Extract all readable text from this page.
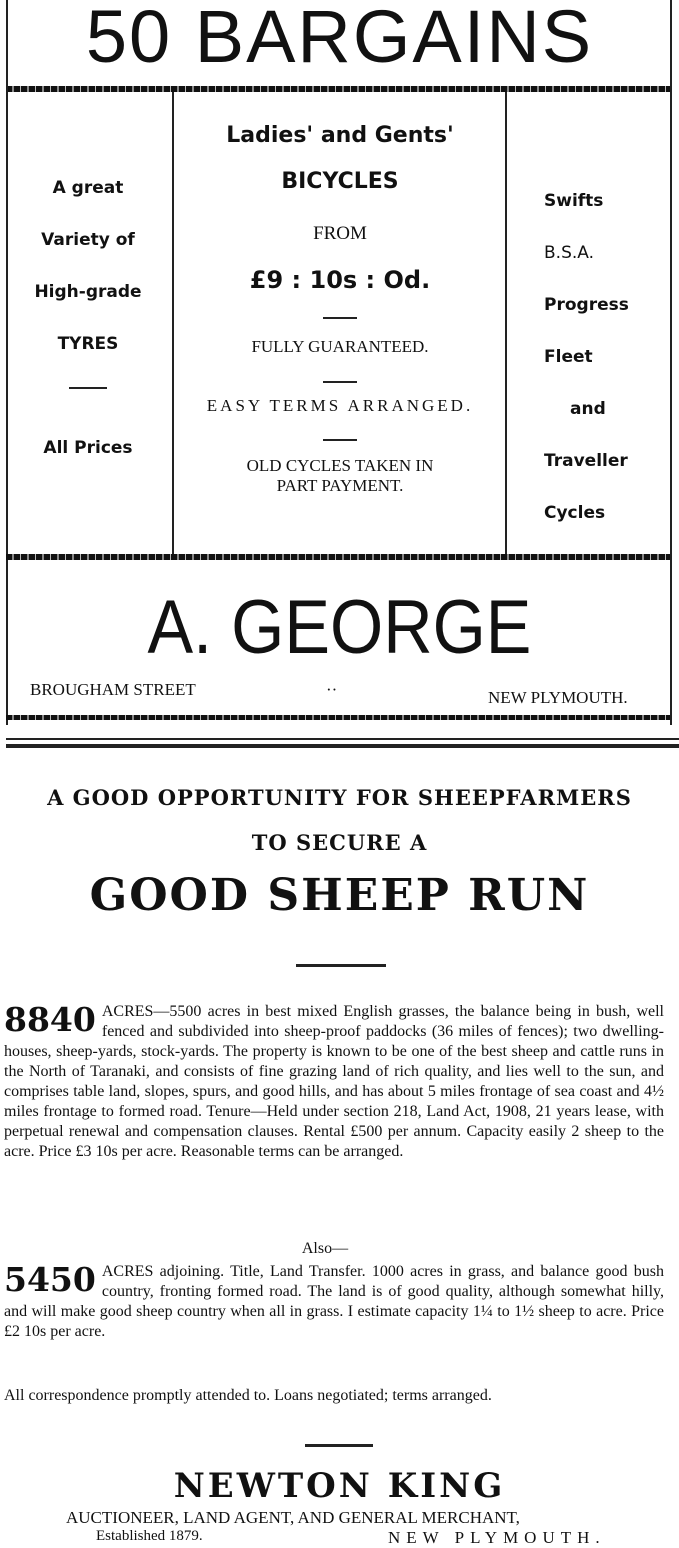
50 BARGAINS
A great
Variety of
High-grade
TYRES
All Prices
Ladies' and Gents'
BICYCLES
FROM
£9 : 10s : Od.
FULLY GUARANTEED.
EASY TERMS ARRANGED.
OLD CYCLES TAKEN IN
PART PAYMENT.
Swifts
B.S.A.
Progress
Fleet
and
Traveller
Cycles
A. GEORGE
BROUGHAM STREET	··	NEW PLYMOUTH.
A GOOD OPPORTUNITY FOR SHEEPFARMERS
TO SECURE A
GOOD SHEEP RUN
8840 ACRES—5500 acres in best mixed English grasses, the balance being in bush, well fenced and subdivided into sheep-proof paddocks (36 miles of fences); two dwelling-houses, sheep-yards, stock-yards. The property is known to be one of the best sheep and cattle runs in the North of Taranaki, and consists of fine grazing land of rich quality, and lies well to the sun, and comprises table land, slopes, spurs, and good hills, and has about 5 miles frontage of sea coast and 4½ miles frontage to formed road. Tenure—Held under section 218, Land Act, 1908, 21 years lease, with perpetual renewal and compensation clauses. Rental £500 per annum. Capacity easily 2 sheep to the acre. Price £3 10s per acre. Reasonable terms can be arranged.
Also—
5450 ACRES adjoining. Title, Land Transfer. 1000 acres in grass, and balance good bush country, fronting formed road. The land is of good quality, although somewhat hilly, and will make good sheep country when all in grass. I estimate capacity 1¼ to 1½ sheep to acre. Price £2 10s per acre.
All correspondence promptly attended to. Loans negotiated; terms arranged.
NEWTON KING
AUCTIONEER, LAND AGENT, AND GENERAL MERCHANT,
Established 1879.	NEW PLYMOUTH.
